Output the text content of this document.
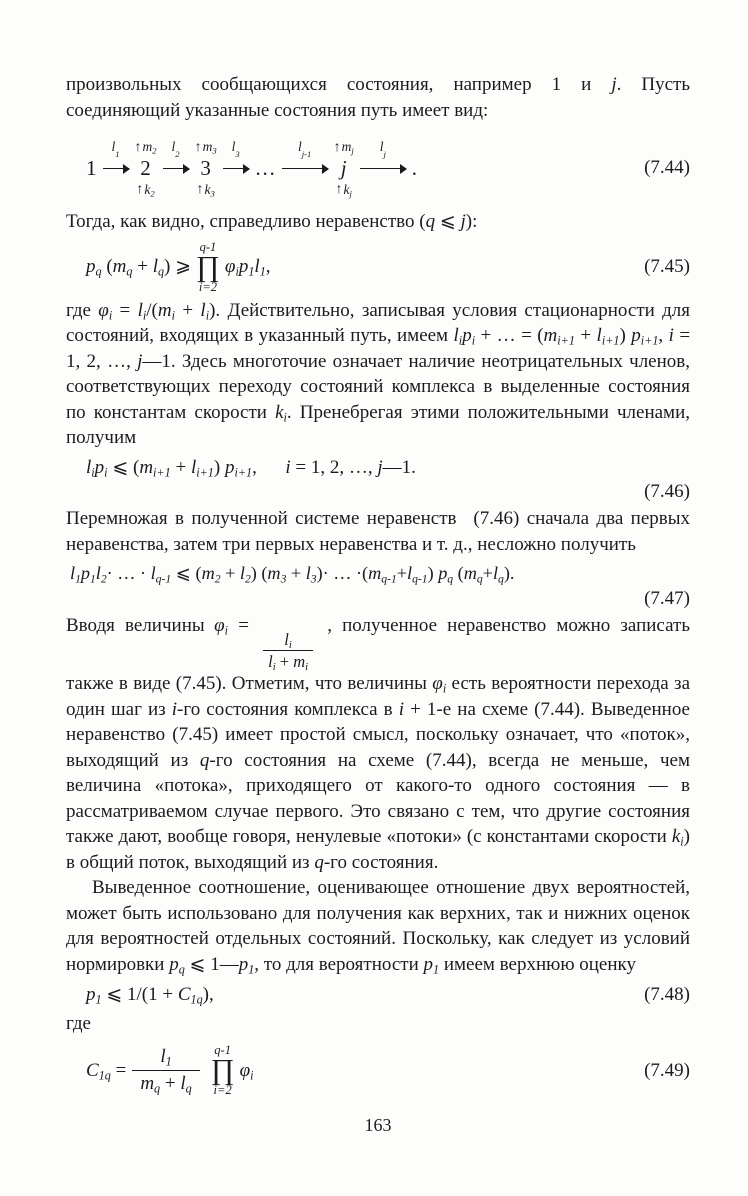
произвольных сообщающихся состояния, например 1 и j. Пусть соединяющий указанные состояния путь имеет вид:

1
l 1 ↑ $m_2$
2
↑ $k_2$
l 2 ↑ $m_3$
3
↑ $k_3$
l 3
…
l j-1 ↑ $m_j$
j
↑ $k_j$
l j
.	(7.44)

Тогда, как видно, справедливо неравенство (q ⩽ j):

$p_q$ $(m_q + l_q)$ ⩾
q-1
∏
i=2
$\varphi_ip_1l_1$,	(7.45)

где $\varphi_i = l_i/(m_i + l_i)$. Действительно, записывая условия стационарности для состояний, входящих в указанный путь, имеем $l_ip_i$ + … = $(m_{i+1} + l_{i+1})$ $p_{i+1}$, i = 1, 2, …, j—1. Здесь многоточие означает наличие неотрицательных членов, соответствующих переходу состояний комплекса в выделенные состояния по константам скорости $k_i$. Пренебрегая этими положительными членами, получим

$l_ip_i$ ⩽ $(m_{i+1} + l_{i+1})$ $p_{i+1}$,  i = 1, 2, …, j—1.
(7.46)

Перемножая в полученной системе неравенств  (7.46) сначала два первых неравенства, затем три первых неравенства и т. д., несложно получить

$l_1p_1l_2\cdot$ … · $l_{q-1}$ ⩽ $(m_2 + l_2) (m_3 + l_3)\cdot$ … $\cdot(m_{q-1}+l_{q-1})$ $p_q$ $(m_q+l_q)$.
(7.47)

Вводя величины $\varphi_i$ =
$\frac{l_i}{l_i + m_i}$
, полученное неравенство можно записать также в виде (7.45). Отметим, что величины $\varphi_i$ есть вероятности перехода за один шаг из i-го состояния комплекса в i + 1-е на схеме (7.44). Выведенное неравенство (7.45) имеет простой смысл, поскольку означает, что «поток», выходящий из q-го состояния на схеме (7.44), всегда не меньше, чем величина «потока», приходящего от какого-то одного состояния — в рассматриваемом случае первого. Это связано с тем, что другие состояния также дают, вообще говоря, ненулевые «потоки» (с константами скорости $k_i$) в общий поток, выходящий из q-го состояния.

Выведенное соотношение, оценивающее отношение двух вероятностей, может быть использовано для получения как верхних, так и нижних оценок для вероятностей отдельных состояний. Поскольку, как следует из условий нормировки $p_q$ ⩽ $1—p_1$, то для вероятности $p_1$ имеем верхнюю оценку

$p_1$ ⩽ $1/(1 + C_{1q})$,	(7.48)

где

$C_{1q} = \frac{l_1}{m_q + l_q} q-1$
∏
i=2
$\varphi_i$	(7.49)
163
